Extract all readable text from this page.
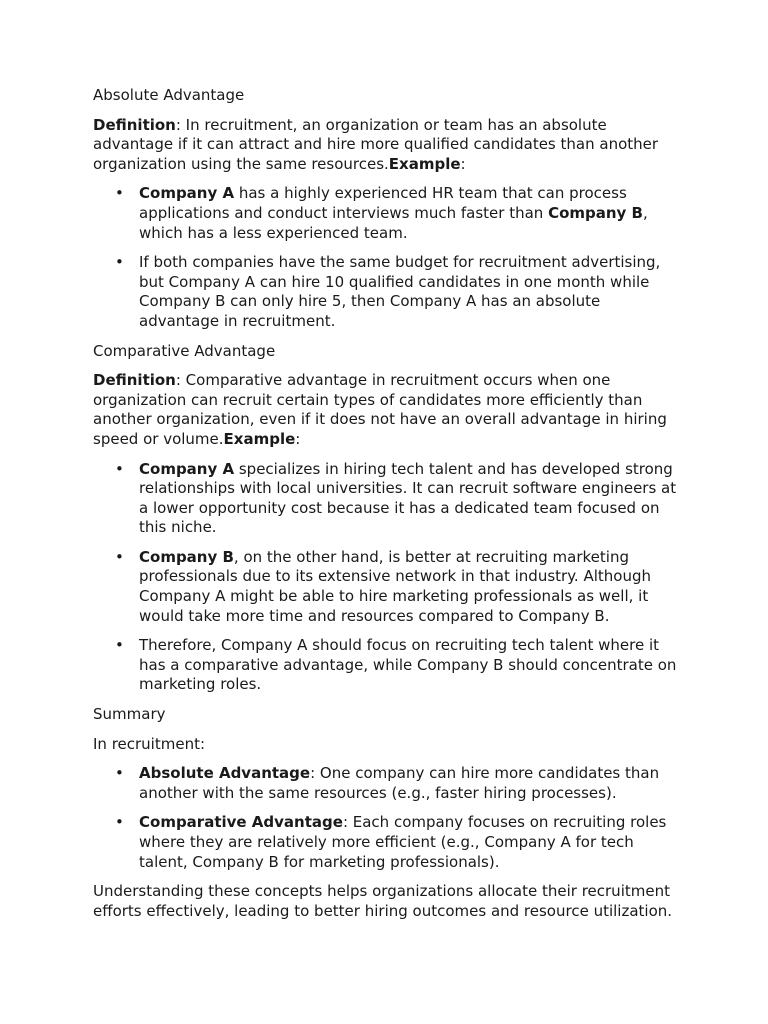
Absolute Advantage

Definition: In recruitment, an organization or team has an absolute advantage if it can attract and hire more qualified candidates than another organization using the same resources.Example:

• Company A has a highly experienced HR team that can process applications and conduct interviews much faster than Company B, which has a less experienced team.
• If both companies have the same budget for recruitment advertising, but Company A can hire 10 qualified candidates in one month while Company B can only hire 5, then Company A has an absolute advantage in recruitment.
Comparative Advantage

Definition: Comparative advantage in recruitment occurs when one organization can recruit certain types of candidates more efficiently than another organization, even if it does not have an overall advantage in hiring speed or volume.Example:

• Company A specializes in hiring tech talent and has developed strong relationships with local universities. It can recruit software engineers at a lower opportunity cost because it has a dedicated team focused on this niche.
• Company B, on the other hand, is better at recruiting marketing professionals due to its extensive network in that industry. Although Company A might be able to hire marketing professionals as well, it would take more time and resources compared to Company B.
• Therefore, Company A should focus on recruiting tech talent where it has a comparative advantage, while Company B should concentrate on marketing roles.
Summary

In recruitment:

• Absolute Advantage: One company can hire more candidates than another with the same resources (e.g., faster hiring processes).
• Comparative Advantage: Each company focuses on recruiting roles where they are relatively more efficient (e.g., Company A for tech talent, Company B for marketing professionals).

Understanding these concepts helps organizations allocate their recruitment efforts effectively, leading to better hiring outcomes and resource utilization.
